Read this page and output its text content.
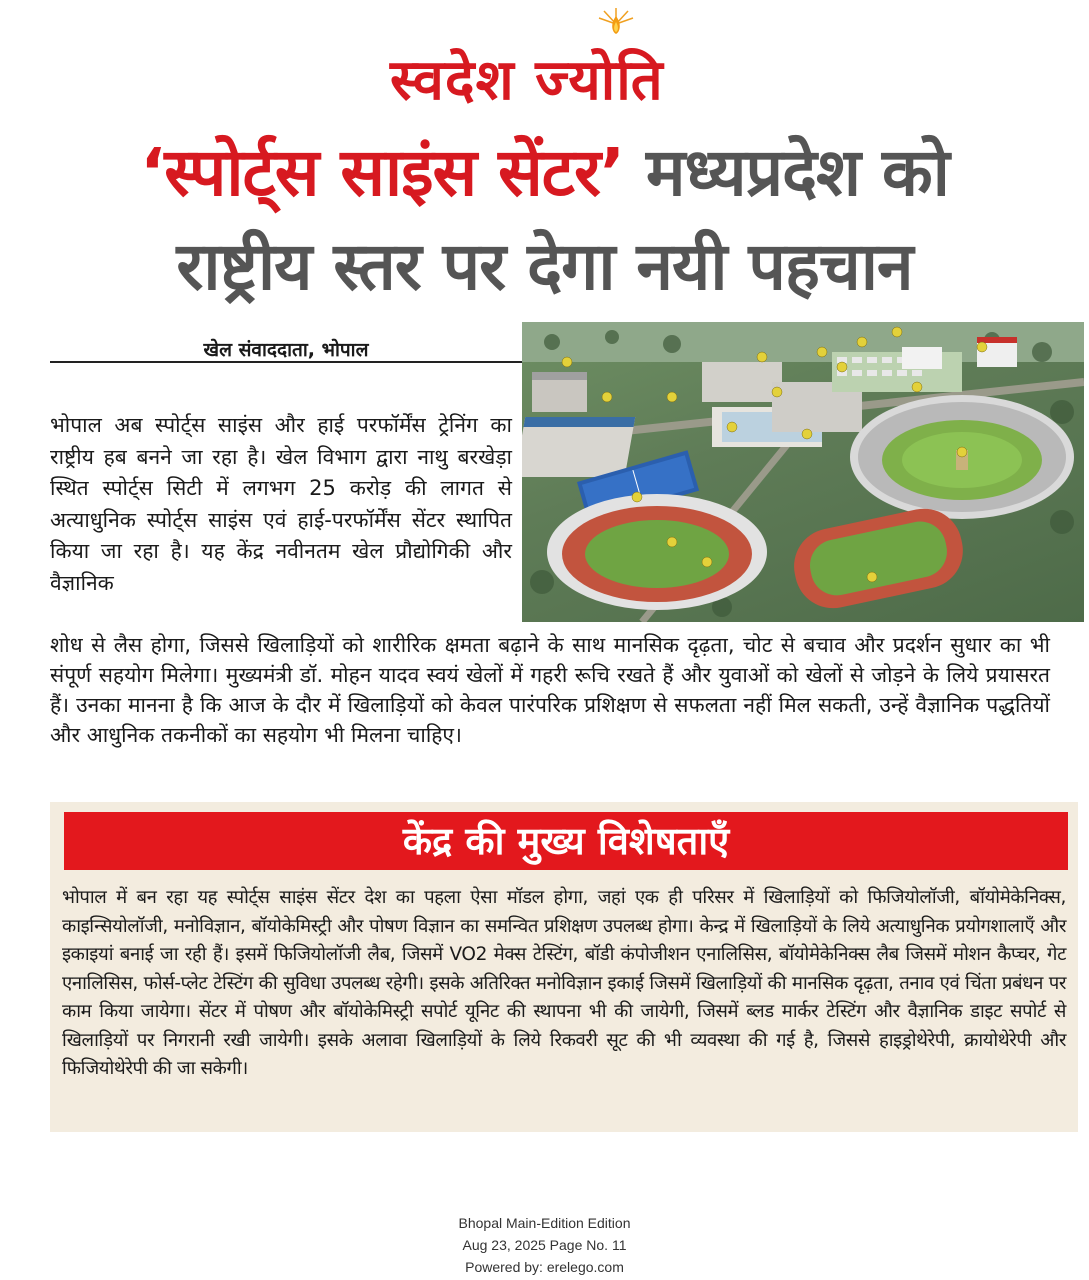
स्वदेश ज्योति
‘स्पोर्ट्स साइंस सेंटर’ मध्यप्रदेश को
राष्ट्रीय स्तर पर देगा नयी पहचान
खेल संवाददाता, भोपाल
भोपाल अब स्पोर्ट्स साइंस और हाई परफॉर्मेंस ट्रेनिंग का राष्ट्रीय हब बनने जा रहा है। खेल विभाग द्वारा नाथु बरखेड़ा स्थित स्पोर्ट्स सिटी में लगभग 25 करोड़ की लागत से अत्याधुनिक स्पोर्ट्स साइंस एवं हाई-परफॉर्मेंस सेंटर स्थापित किया जा रहा है। यह केंद्र नवीनतम खेल प्रौद्योगिकी और वैज्ञानिक
शोध से लैस होगा, जिससे खिलाड़ियों को शारीरिक क्षमता बढ़ाने के साथ मानसिक दृढ़ता, चोट से बचाव और प्रदर्शन सुधार का भी संपूर्ण सहयोग मिलेगा। मुख्यमंत्री डॉ. मोहन यादव स्वयं खेलों में गहरी रूचि रखते हैं और युवाओं को खेलों से जोड़ने के लिये प्रयासरत हैं। उनका मानना है कि आज के दौर में खिलाड़ियों को केवल पारंपरिक प्रशिक्षण से सफलता नहीं मिल सकती, उन्हें वैज्ञानिक पद्धतियों और आधुनिक तकनीकों का सहयोग भी मिलना चाहिए।
केंद्र की मुख्य विशेषताएँ
भोपाल में बन रहा यह स्पोर्ट्स साइंस सेंटर देश का पहला ऐसा मॉडल होगा, जहां एक ही परिसर में खिलाड़ियों को फिजियोलॉजी, बॉयोमेकेनिक्स, काइन्सियोलॉजी, मनोविज्ञान, बॉयोकेमिस्ट्री और पोषण विज्ञान का समन्वित प्रशिक्षण उपलब्ध होगा। केन्द्र में खिलाड़ियों के लिये अत्याधुनिक प्रयोगशालाएँ और इकाइयां बनाई जा रही हैं। इसमें फिजियोलॉजी लैब, जिसमें VO2 मेक्स टेस्टिंग, बॉडी कंपोजीशन एनालिसिस, बॉयोमेकेनिक्स लैब जिसमें मोशन कैप्चर, गेट एनालिसिस, फोर्स-प्लेट टेस्टिंग की सुविधा उपलब्ध रहेगी। इसके अतिरिक्त मनोविज्ञान इकाई जिसमें खिलाड़ियों की मानसिक दृढ़ता, तनाव एवं चिंता प्रबंधन पर काम किया जायेगा। सेंटर में पोषण और बॉयोकेमिस्ट्री सपोर्ट यूनिट की स्थापना भी की जायेगी, जिसमें ब्लड मार्कर टेस्टिंग और वैज्ञानिक डाइट सपोर्ट से खिलाड़ियों पर निगरानी रखी जायेगी। इसके अलावा खिलाड़ियों के लिये रिकवरी सूट की भी व्यवस्था की गई है, जिससे हाइड्रोथेरेपी, क्रायोथेरेपी और फिजियोथेरेपी की जा सकेगी।
Bhopal Main-Edition Edition
Aug 23, 2025 Page No. 11
Powered by: erelego.com
